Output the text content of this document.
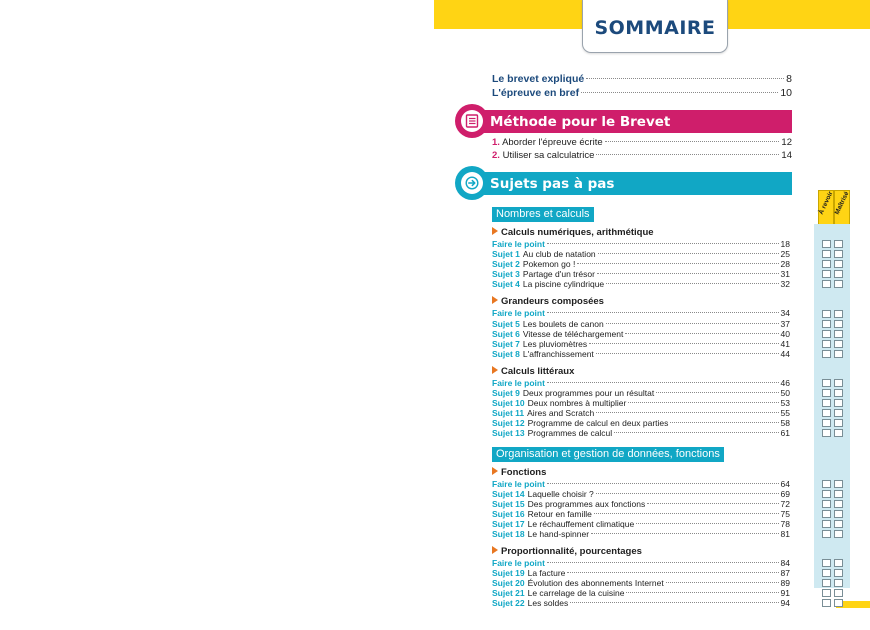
SOMMAIRE
Le brevet expliqué	8
L'épreuve en bref	10
Méthode pour le Brevet
1. Aborder l'épreuve écrite	12
2. Utiliser sa calculatrice	14
Sujets pas à pas
À revoir Maîtrisé
Nombres et calculs
Calculs numériques, arithmétique
Faire le point	18
Sujet 1 Au club de natation	25
Sujet 2 Pokemon go !	28
Sujet 3 Partage d'un trésor	31
Sujet 4 La piscine cylindrique	32
Grandeurs composées
Faire le point	34
Sujet 5 Les boulets de canon	37
Sujet 6 Vitesse de téléchargement	40
Sujet 7 Les pluviomètres	41
Sujet 8 L'affranchissement	44
Calculs littéraux
Faire le point	46
Sujet 9 Deux programmes pour un résultat	50
Sujet 10 Deux nombres à multiplier	53
Sujet 11 Aires and Scratch	55
Sujet 12 Programme de calcul en deux parties	58
Sujet 13 Programmes de calcul	61
Organisation et gestion de données, fonctions
Fonctions
Faire le point	64
Sujet 14 Laquelle choisir ?	69
Sujet 15 Des programmes aux fonctions	72
Sujet 16 Retour en famille	75
Sujet 17 Le réchauffement climatique	78
Sujet 18 Le hand-spinner	81
Proportionnalité, pourcentages
Faire le point	84
Sujet 19 La facture	87
Sujet 20 Évolution des abonnements Internet	89
Sujet 21 Le carrelage de la cuisine	91
Sujet 22 Les soldes	94
